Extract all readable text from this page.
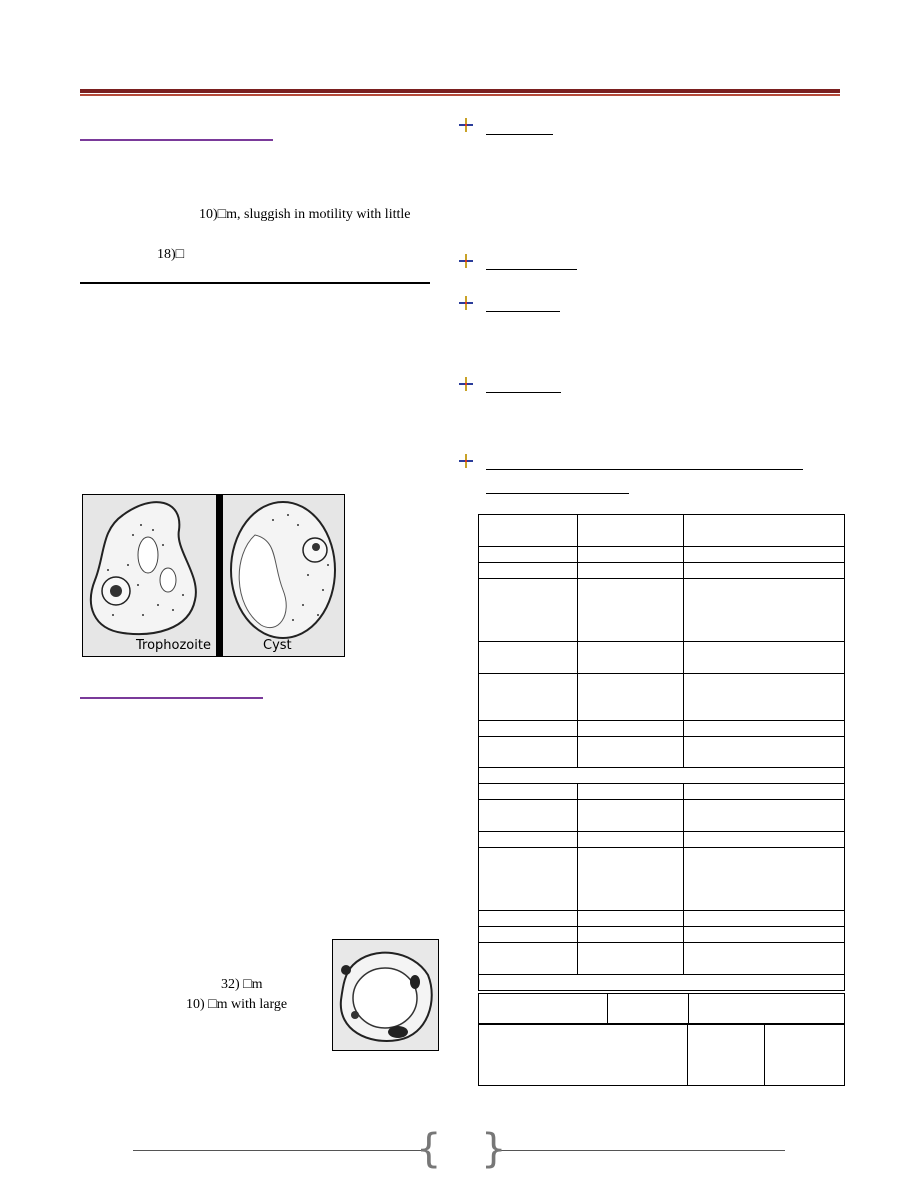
10)□m, sluggish in motility with little
18)□
Trophozoite	Cyst
32) □m
10) □m with large

{ }
